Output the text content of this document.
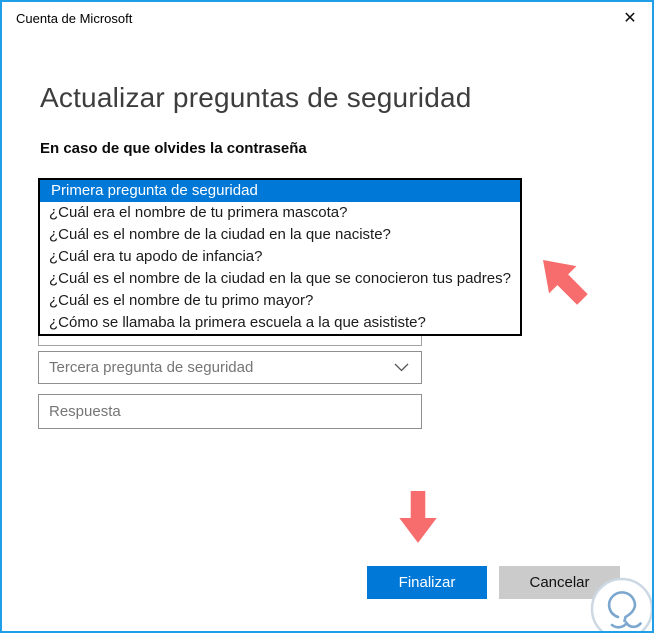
Cuenta de Microsoft	✕
Actualizar preguntas de seguridad
En caso de que olvides la contraseña
Primera pregunta de seguridad
¿Cuál era el nombre de tu primera mascota?
¿Cuál es el nombre de la ciudad en la que naciste?
¿Cuál era tu apodo de infancia?
¿Cuál es el nombre de la ciudad en la que se conocieron tus padres?
¿Cuál es el nombre de tu primo mayor?
¿Cómo se llamaba la primera escuela a la que asististe?
Tercera pregunta de seguridad
Respuesta
Finalizar	Cancelar
